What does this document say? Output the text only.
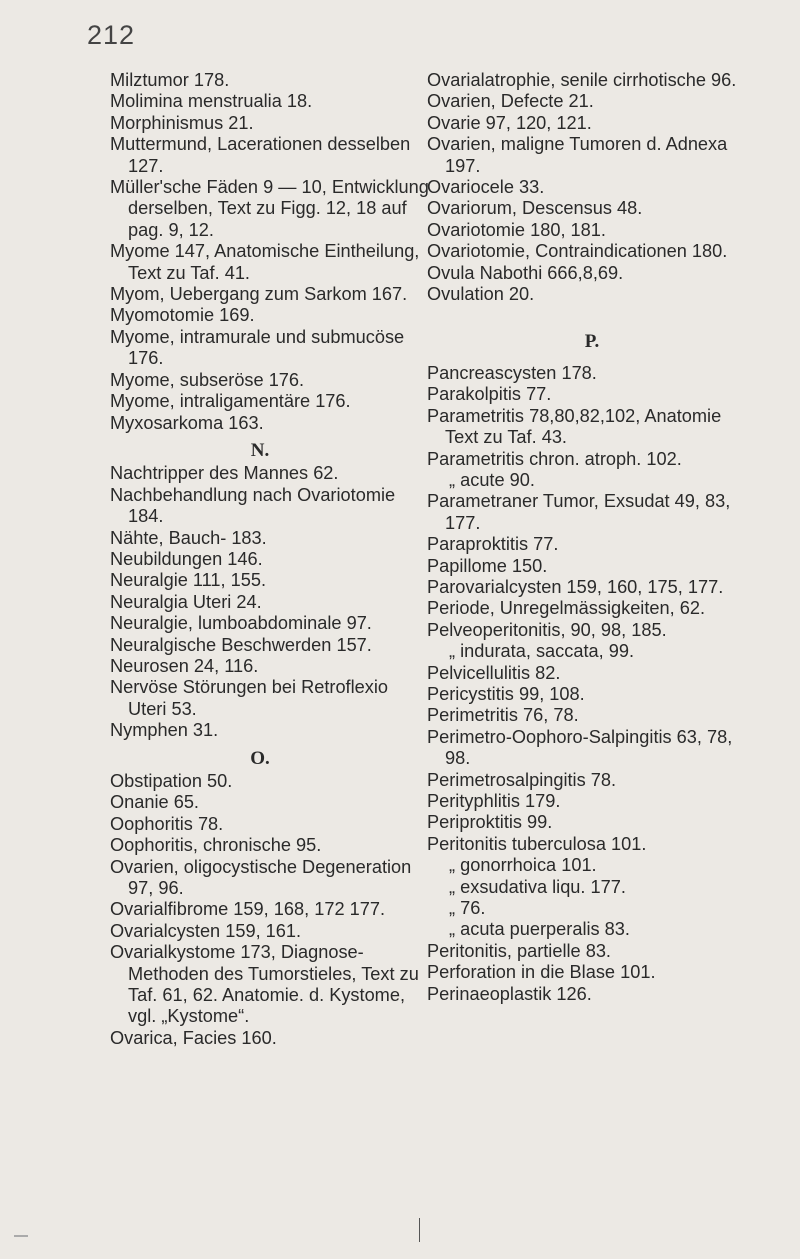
212
Milztumor 178.
Molimina menstrualia 18.
Morphinismus 21.
Muttermund, Lacerationen desselben 127.
Müller'sche Fäden 9 — 10, Entwicklung derselben, Text zu Figg. 12, 18 auf pag. 9, 12.
Myome 147, Anatomische Eintheilung, Text zu Taf. 41.
Myom, Uebergang zum Sarkom 167.
Myomotomie 169.
Myome, intramurale und submucöse 176.
Myome, subseröse 176.
Myome, intraligamentäre 176.
Myxosarkoma 163.
N.
Nachtripper des Mannes 62.
Nachbehandlung nach Ovariotomie 184.
Nähte, Bauch- 183.
Neubildungen 146.
Neuralgie 111, 155.
Neuralgia Uteri 24.
Neuralgie, lumboabdominale 97.
Neuralgische Beschwerden 157.
Neurosen 24, 116.
Nervöse Störungen bei Retroflexio Uteri 53.
Nymphen 31.
O.
Obstipation 50.
Onanie 65.
Oophoritis 78.
Oophoritis, chronische 95.
Ovarien, oligocystische Degeneration 97, 96.
Ovarialfibrome 159, 168, 172 177.
Ovarialcysten 159, 161.
Ovarialkystome 173, Diagnose-Methoden des Tumorstieles, Text zu Taf. 61, 62. Anatomie. d. Kystome, vgl. „Kystome“.
Ovarica, Facies 160.
Ovarialatrophie, senile cirrhotische 96.
Ovarien, Defecte 21.
Ovarie 97, 120, 121.
Ovarien, maligne Tumoren d. Adnexa 197.
Ovariocele 33.
Ovariorum, Descensus 48.
Ovariotomie 180, 181.
Ovariotomie, Contraindicationen 180.
Ovula Nabothi 666,8,69.
Ovulation 20.
P.
Pancreascysten 178.
Parakolpitis 77.
Parametritis 78,80,82,102, Anatomie Text zu Taf. 43.
Parametritis chron. atroph. 102.
„ acute 90.
Parametraner Tumor, Exsudat 49, 83, 177.
Paraproktitis 77.
Papillome 150.
Parovarialcysten 159, 160, 175, 177.
Periode, Unregelmässigkeiten, 62.
Pelveoperitonitis, 90, 98, 185.
„ indurata, saccata, 99.
Pelvicellulitis 82.
Pericystitis 99, 108.
Perimetritis 76, 78.
Perimetro-Oophoro-Salpingitis 63, 78, 98.
Perimetrosalpingitis 78.
Perityphlitis 179.
Periproktitis 99.
Peritonitis tuberculosa 101.
„ gonorrhoica 101.
„ exsudativa liqu. 177.
„ 76.
„ acuta puerperalis 83.
Peritonitis, partielle 83.
Perforation in die Blase 101.
Perinaeoplastik 126.
